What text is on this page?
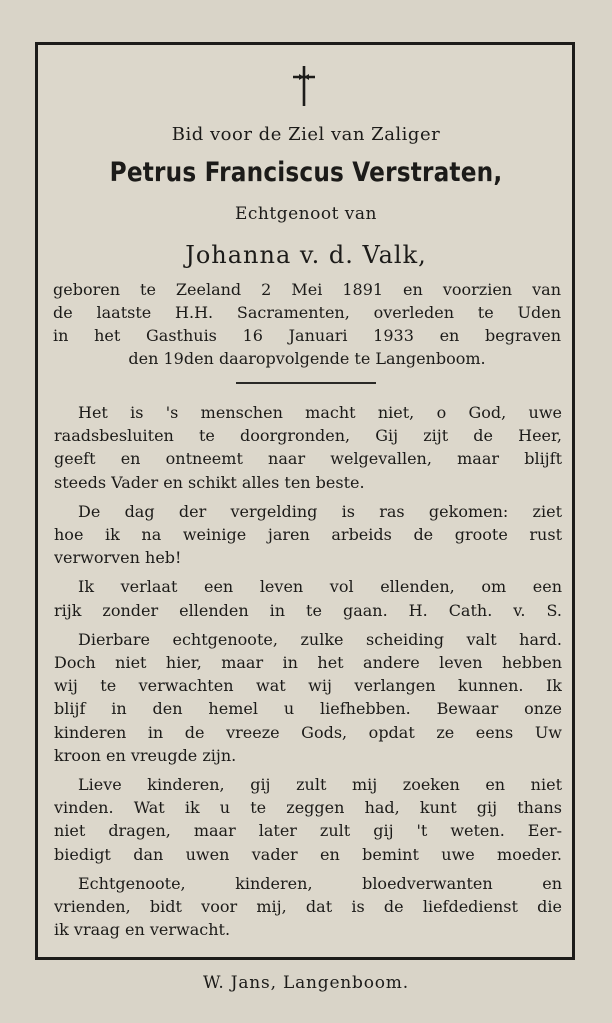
Bid voor de Ziel van Zaliger
Petrus Franciscus Verstraten,
Echtgenoot van
Johanna v. d. Valk,
geboren te Zeeland 2 Mei 1891 en voorzien van
de laatste H.H. Sacramenten, overleden te Uden
in het Gasthuis 16 Januari 1933 en begraven
den 19den daaropvolgende te Langenboom.
Het is 's menschen macht niet, o God, uwe
raadsbesluiten te doorgronden, Gij zijt de Heer,
geeft en ontneemt naar welgevallen, maar blijft
steeds Vader en schikt alles ten beste.
De dag der vergelding is ras gekomen: ziet
hoe ik na weinige jaren arbeids de groote rust
verworven heb!
Ik verlaat een leven vol ellenden, om een
rijk zonder ellenden in te gaan. H. Cath. v. S.
Dierbare echtgenoote, zulke scheiding valt hard.
Doch niet hier, maar in het andere leven hebben
wij te verwachten wat wij verlangen kunnen. Ik
blijf in den hemel u liefhebben. Bewaar onze
kinderen in de vreeze Gods, opdat ze eens Uw
kroon en vreugde zijn.
Lieve kinderen, gij zult mij zoeken en niet
vinden. Wat ik u te zeggen had, kunt gij thans
niet dragen, maar later zult gij 't weten. Eer-
biedigt dan uwen vader en bemint uwe moeder.
Echtgenoote, kinderen, bloedverwanten en
vrienden, bidt voor mij, dat is de liefdedienst die
ik vraag en verwacht.
W. Jans, Langenboom.
